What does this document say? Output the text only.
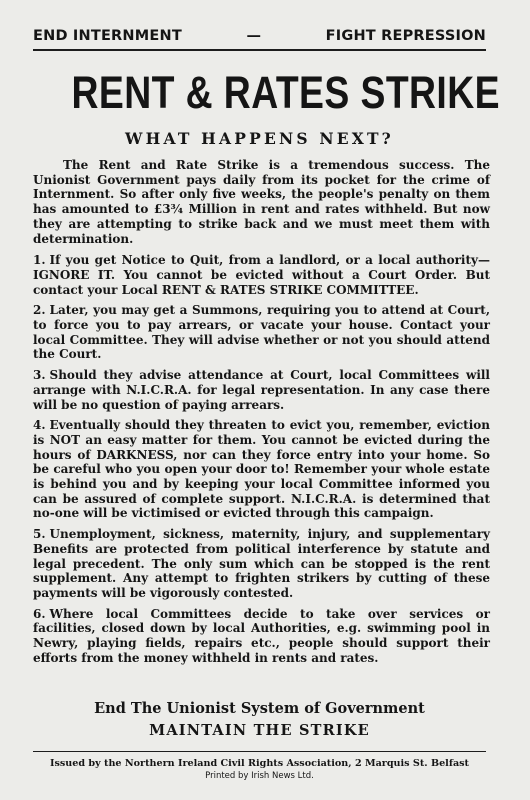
END INTERNMENT	—	FIGHT REPRESSION
RENT & RATES STRIKE
WHAT HAPPENS NEXT?

The Rent and Rate Strike is a tremendous success. The Unionist Government pays daily from its pocket for the crime of Internment. So after only five weeks, the people's penalty on them has amounted to £3¾ Million in rent and rates withheld. But now they are attempting to strike back and we must meet them with determination.

1. If you get Notice to Quit, from a landlord, or a local authority—IGNORE IT. You cannot be evicted without a Court Order. But contact your Local RENT & RATES STRIKE COMMITTEE.

2. Later, you may get a Summons, requiring you to attend at Court, to force you to pay arrears, or vacate your house. Contact your local Committee. They will advise whether or not you should attend the Court.

3. Should they advise attendance at Court, local Committees will arrange with N.I.C.R.A. for legal representation. In any case there will be no question of paying arrears.

4. Eventually should they threaten to evict you, remember, eviction is NOT an easy matter for them. You cannot be evicted during the hours of DARKNESS, nor can they force entry into your home. So be careful who you open your door to! Remember your whole estate is behind you and by keeping your local Committee informed you can be assured of complete support. N.I.C.R.A. is determined that no-one will be victimised or evicted through this campaign.

5. Unemployment, sickness, maternity, injury, and supplementary Benefits are protected from political interference by statute and legal precedent. The only sum which can be stopped is the rent supplement. Any attempt to frighten strikers by cutting of these payments will be vigorously contested.

6. Where local Committees decide to take over services or facilities, closed down by local Authorities, e.g. swimming pool in Newry, playing fields, repairs etc., people should support their efforts from the money withheld in rents and rates.

End The Unionist System of Government
MAINTAIN THE STRIKE
Issued by the Northern Ireland Civil Rights Association, 2 Marquis St. Belfast
Printed by Irish News Ltd.
